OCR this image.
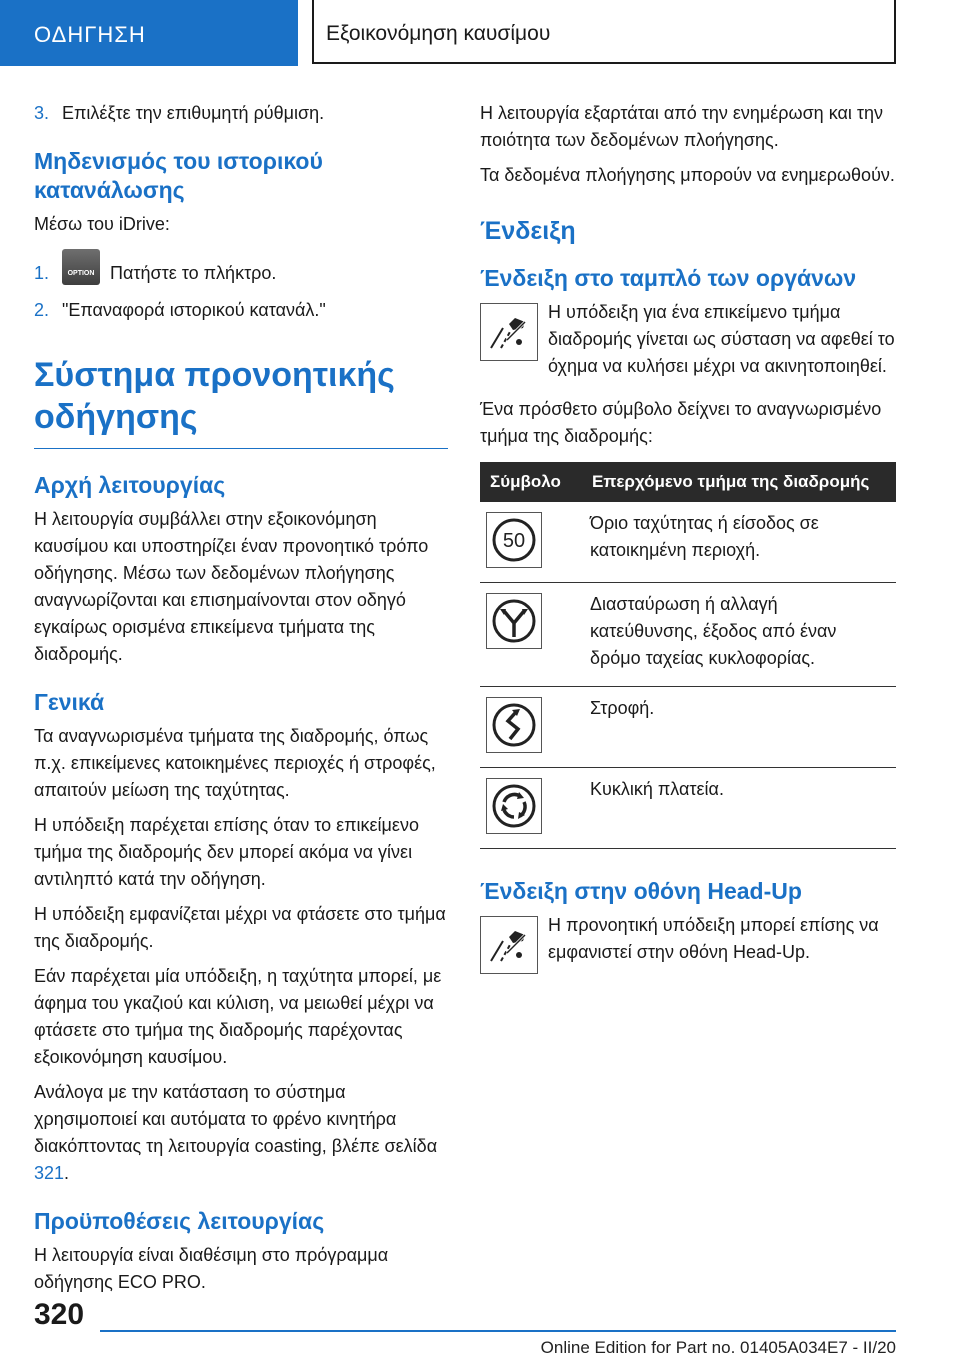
ΟΔΗΓΗΣΗ	Εξοικονόμηση καυσίμου
3. Επιλέξτε την επιθυμητή ρύθμιση.
Μηδενισμός του ιστορικού κατανάλωσης

Μέσω του iDrive:

1.	OPTION Πατήστε το πλήκτρο.
2. "Επαναφορά ιστορικού κατανάλ."
Σύστημα προνοητικής οδήγησης
Αρχή λειτουργίας

Η λειτουργία συμβάλλει στην εξοικονόμηση καυσίμου και υποστηρίζει έναν προνοητικό τρόπο οδήγησης. Μέσω των δεδομένων πλοήγησης αναγνωρίζονται και επισημαίνονται στον οδηγό εγκαίρως ορισμένα επικείμενα τμήματα της διαδρομής.

Γενικά

Τα αναγνωρισμένα τμήματα της διαδρομής, όπως π.χ. επικείμενες κατοικημένες περιοχές ή στροφές, απαιτούν μείωση της ταχύτητας.

Η υπόδειξη παρέχεται επίσης όταν το επικείμενο τμήμα της διαδρομής δεν μπορεί ακόμα να γίνει αντιληπτό κατά την οδήγηση.

Η υπόδειξη εμφανίζεται μέχρι να φτάσετε στο τμήμα της διαδρομής.

Εάν παρέχεται μία υπόδειξη, η ταχύτητα μπορεί, με άφημα του γκαζιού και κύλιση, να μειωθεί μέχρι να φτάσετε στο τμήμα της διαδρομής παρέχοντας εξοικονόμηση καυσίμου.

Ανάλογα με την κατάσταση το σύστημα χρησιμοποιεί και αυτόματα το φρένο κινητήρα διακόπτοντας τη λειτουργία coasting, βλέπε σελίδα 321.

Προϋποθέσεις λειτουργίας

Η λειτουργία είναι διαθέσιμη στο πρόγραμμα οδήγησης ECO PRO.

Η λειτουργία εξαρτάται από την ενημέρωση και την ποιότητα των δεδομένων πλοήγησης.

Τα δεδομένα πλοήγησης μπορούν να ενημερωθούν.

Ένδειξη
Ένδειξη στο ταμπλό των οργάνων

Η υπόδειξη για ένα επικείμενο τμήμα διαδρομής γίνεται ως σύσταση να αφεθεί το όχημα να κυλήσει μέχρι να ακινητοποιηθεί.

Ένα πρόσθετο σύμβολο δείχνει το αναγνωρισμένο τμήμα της διαδρομής:

Σύμβολο	Επερχόμενο τμήμα της διαδρομής

50	Όριο ταχύτητας ή είσοδος σε κατοικημένη περιοχή.

	Διασταύρωση ή αλλαγή κατεύθυνσης, έξοδος από έναν δρόμο ταχείας κυκλοφορίας.

	Στροφή.

	Κυκλική πλατεία.
Ένδειξη στην οθόνη Head-Up

Η προνοητική υπόδειξη μπορεί επίσης να εμφανιστεί στην οθόνη Head-Up.

320
Online Edition for Part no. 01405A034E7 - II/20
